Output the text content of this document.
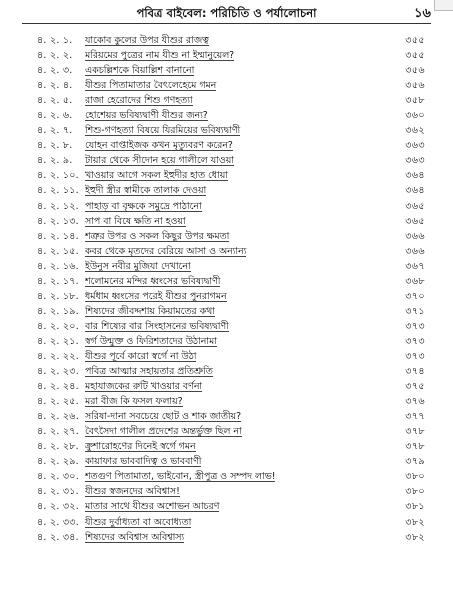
পবিত্র বাইবেল: পরিচিতি ও পর্যালোচনা	১৬
৪. ২. ১.	যাকোব কুলের উপর যীশুর রাজত্ব	৩৫৫
৪. ২. ২.	মরিয়মের পুত্রের নাম যীশু না ইম্মানুয়েল?	৩৫৫
৪. ২. ৩.	একচল্লিশকে বিয়াল্লিশ বানানো	৩৫৬
৪. ২. ৪.	যীশুর পিতামাতার বৈৎলেহেমে গমন	৩৫৬
৪. ২. ৫.	রাজা হেরোদের শিশু গণহত্যা	৩৫৮
৪. ২. ৬.	হোশেয়র ভবিষ্যদ্বাণী যীশুর জন্য?	৩৬০
৪. ২. ৭.	শিশু-গণহত্যা বিষয়ে যিরমিয়ের ভবিষ্যদ্বাণী	৩৬২
৪. ২. ৮.	যোহন বাপ্তাইজক কখন মৃত্যুবরণ করেন?	৩৬৩
৪. ২. ৯.	টায়ার থেকে সীদোন হয়ে গালীলে যাওয়া	৩৬৩
৪. ২. ১০. খাওয়ার আগে সকল ইহুদীর হাত ধোয়া	৩৬৪
৪. ২. ১১. ইহুদী স্ত্রীর স্বামীকে তালাক দেওয়া	৩৬৪
৪. ২. ১২. পাহাড় বা বৃক্ষকে সমুদ্রে পাঠানো	৩৬৫
৪. ২. ১৩. সাপ বা বিষে ক্ষতি না হওয়া	৩৬৫
৪. ২. ১৪. শত্রুর উপর ও সকল কিছুর উপর ক্ষমতা	৩৬৬
৪. ২. ১৫. কবর থেকে মৃতদের বেরিয়ে আসা ও অন্যান্য	৩৬৬
৪. ২. ১৬. ইউনুস নবীর মুজিযা দেখানো	৩৬৭
৪. ২. ১৭. শলোমনের মন্দির ধ্বংসের ভবিষ্যদ্বাণী	৩৬৮
৪. ২. ১৮. ধর্মধাম ধ্বংসের পরেই যীশুর পুনরাগমন	৩৭০
৪. ২. ১৯. শিষ্যদের জীবদ্দশায় কিয়ামতের কথা	৩৭১
৪. ২. ২০. বার শিষ্যের বার সিংহাসনের ভবিষ্যদ্বাণী	৩৭৩
৪. ২. ২১. স্বর্গ উন্মুক্ত ও ফিরিশতাদের উঠানামা	৩৭৩
৪. ২. ২২. যীশুর পূর্বে কারো স্বর্গে না উঠা	৩৭৩
৪. ২. ২৩. পবিত্র আত্মার সহায়তার প্রতিশ্রুতি	৩৭৪
৪. ২. ২৪. মহাযাজকের রুটি খাওয়ার বর্ণনা	৩৭৫
৪. ২. ২৫. মরা বীজ কি ফসল ফলায়?	৩৭৬
৪. ২. ২৬. সরিষা-দানা সবচেয়ে ছোট ও শাক জাতীয়?	৩৭৭
৪. ২. ২৭. বৈৎসৈদা গালীল প্রদেশের অন্তর্ভুক্ত ছিল না	৩৭৮
৪. ২. ২৮. ক্রুশারোহণের দিনেই স্বর্গে গমন	৩৭৮
৪. ২. ২৯. কায়াফার ভাববাদিত্ব ও ভাববাণী	৩৭৯
৪. ২. ৩০. শতগুণ পিতামাতা, ভাইবোন, স্ত্রীপুত্র ও সম্পদ লাভ!	৩৮০
৪. ২. ৩১. যীশুর স্বজনদের অবিশ্বাস!	৩৮০
৪. ২. ৩২. মাতার সাথে যীশুর অশোভন আচরণ	৩৮১
৪. ২. ৩৩. যীশুর দুর্বাধ্যতা বা অবোধ্যতা	৩৮২
৪. ২. ৩৪. শিষ্যদের অবিশ্বাস অবিশ্বাস্য	৩৮২
